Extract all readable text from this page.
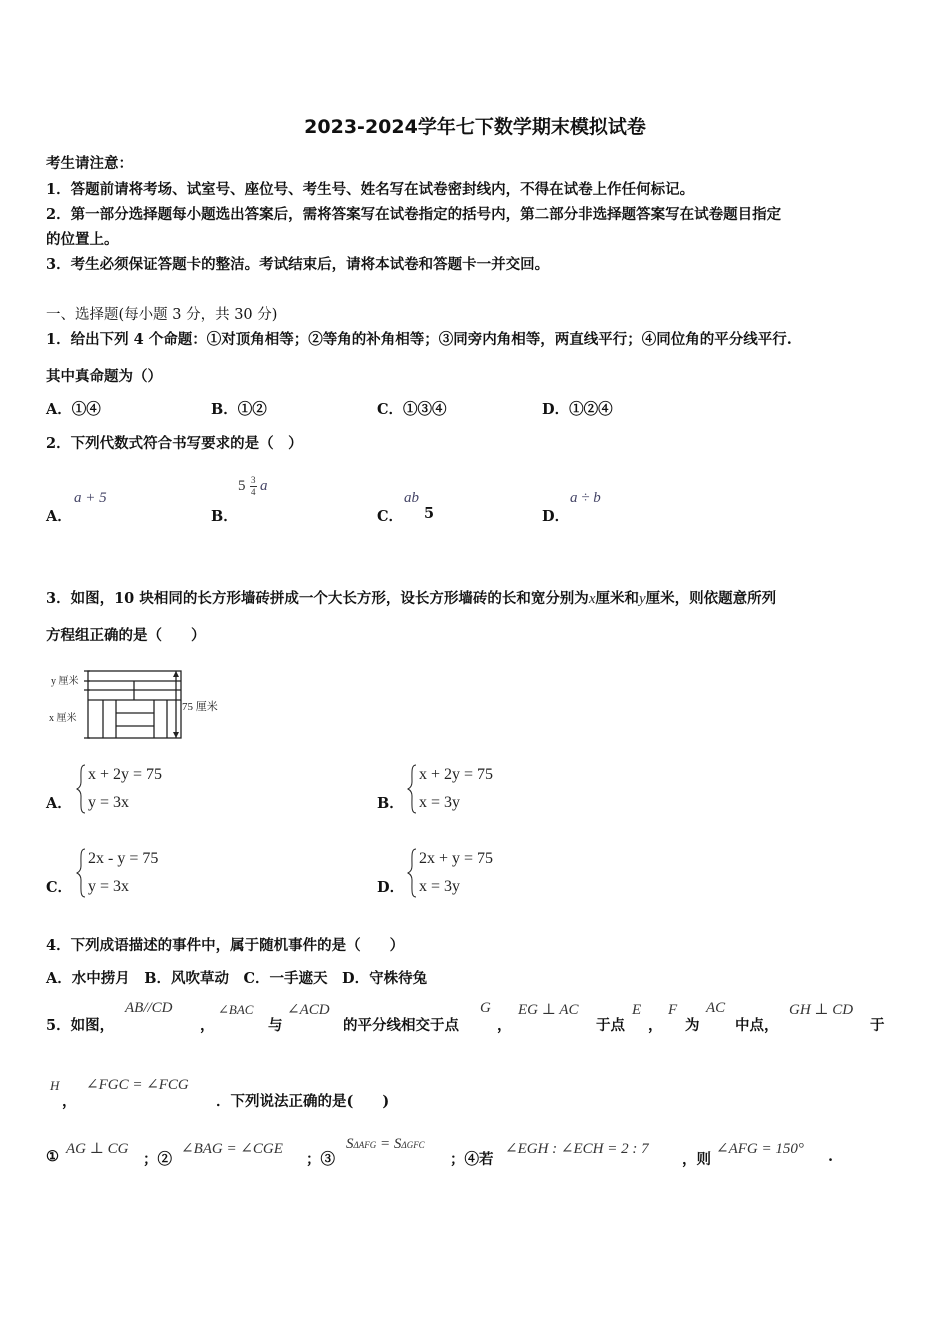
2023-2024学年七下数学期末模拟试卷
考生请注意：
1．答题前请将考场、试室号、座位号、考生号、姓名写在试卷密封线内，不得在试卷上作任何标记。
2．第一部分选择题每小题选出答案后，需将答案写在试卷指定的括号内，第二部分非选择题答案写在试卷题目指定
的位置上。
3．考生必须保证答题卡的整洁。考试结束后，请将本试卷和答题卡一并交回。
一、选择题(每小题 3 分，共 30 分)
1．给出下列 4 个命题：①对顶角相等；②等角的补角相等；③同旁内角相等，两直线平行；④同位角的平分线平行.
其中真命题为（）
A．①④	B．①②	C．①③④	D．①②④
2．下列代数式符合书写要求的是（　）
A．
a + 5
B．
5 3
4 a
C．
ab
5	D．
a ÷ b
3．如图，10 块相同的长方形墙砖拼成一个大长方形，设长方形墙砖的长和宽分别为x厘米和y厘米，则依题意所列
方程组正确的是（　　）
y 厘米
x 厘米
75 厘米
A．
x + 2y = 75
y = 3x	B．
x + 2y = 75
x = 3y
C．
2x - y = 75
y = 3x	D．
2x + y = 75
x = 3y
4．下列成语描述的事件中，属于随机事件的是（　　）
A．水中捞月　B．风吹草动　C．一手遮天　D．守株待兔
5．如图，
AB//CD
，
∠BAC
与
∠ACD
的平分线相交于点
G
，
EG ⊥ AC
于点
E
，
F
为
AC
中点，
GH ⊥ CD
于
H
，
∠FGC = ∠FCG
．下列说法正确的是(　　)
① AG ⊥ CG
；②
∠BAG = ∠CGE
；③
SΔAFG = SΔGFC
；④若
∠EGH : ∠ECH = 2 : 7
，则
∠AFG = 150° .
